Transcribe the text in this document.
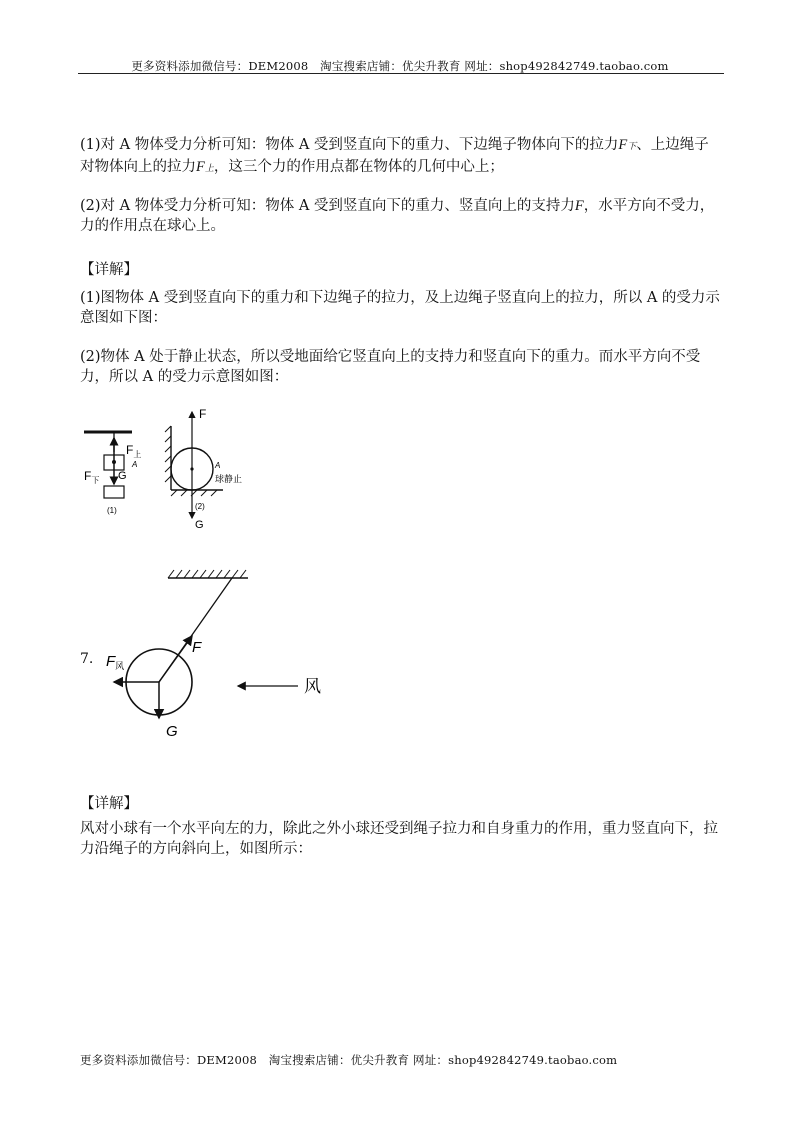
更多资料添加微信号：DEM2008　淘宝搜索店铺：优尖升教育 网址：shop492842749.taobao.com
(1)对 A 物体受力分析可知：物体 A 受到竖直向下的重力、下边绳子物体向下的拉力F下、上边绳子对物体向上的拉力F上，这三个力的作用点都在物体的几何中心上；
(2)对 A 物体受力分析可知：物体 A 受到竖直向下的重力、竖直向上的支持力F，水平方向不受力，力的作用点在球心上。
【详解】
(1)图物体 A 受到竖直向下的重力和下边绳子的拉力，及上边绳子竖直向上的拉力，所以 A 的受力示意图如下图：
(2)物体 A 处于静止状态，所以受地面给它竖直向上的支持力和竖直向下的重力。而水平方向不受力，所以 A 的受力示意图如图：
$F_上$
A
$F_下$ G
(1)
F
A
球静止
(2)
G
7. $F_风$
F
G
风
【详解】
风对小球有一个水平向左的力，除此之外小球还受到绳子拉力和自身重力的作用，重力竖直向下，拉力沿绳子的方向斜向上，如图所示：
更多资料添加微信号：DEM2008　淘宝搜索店铺：优尖升教育 网址：shop492842749.taobao.com
